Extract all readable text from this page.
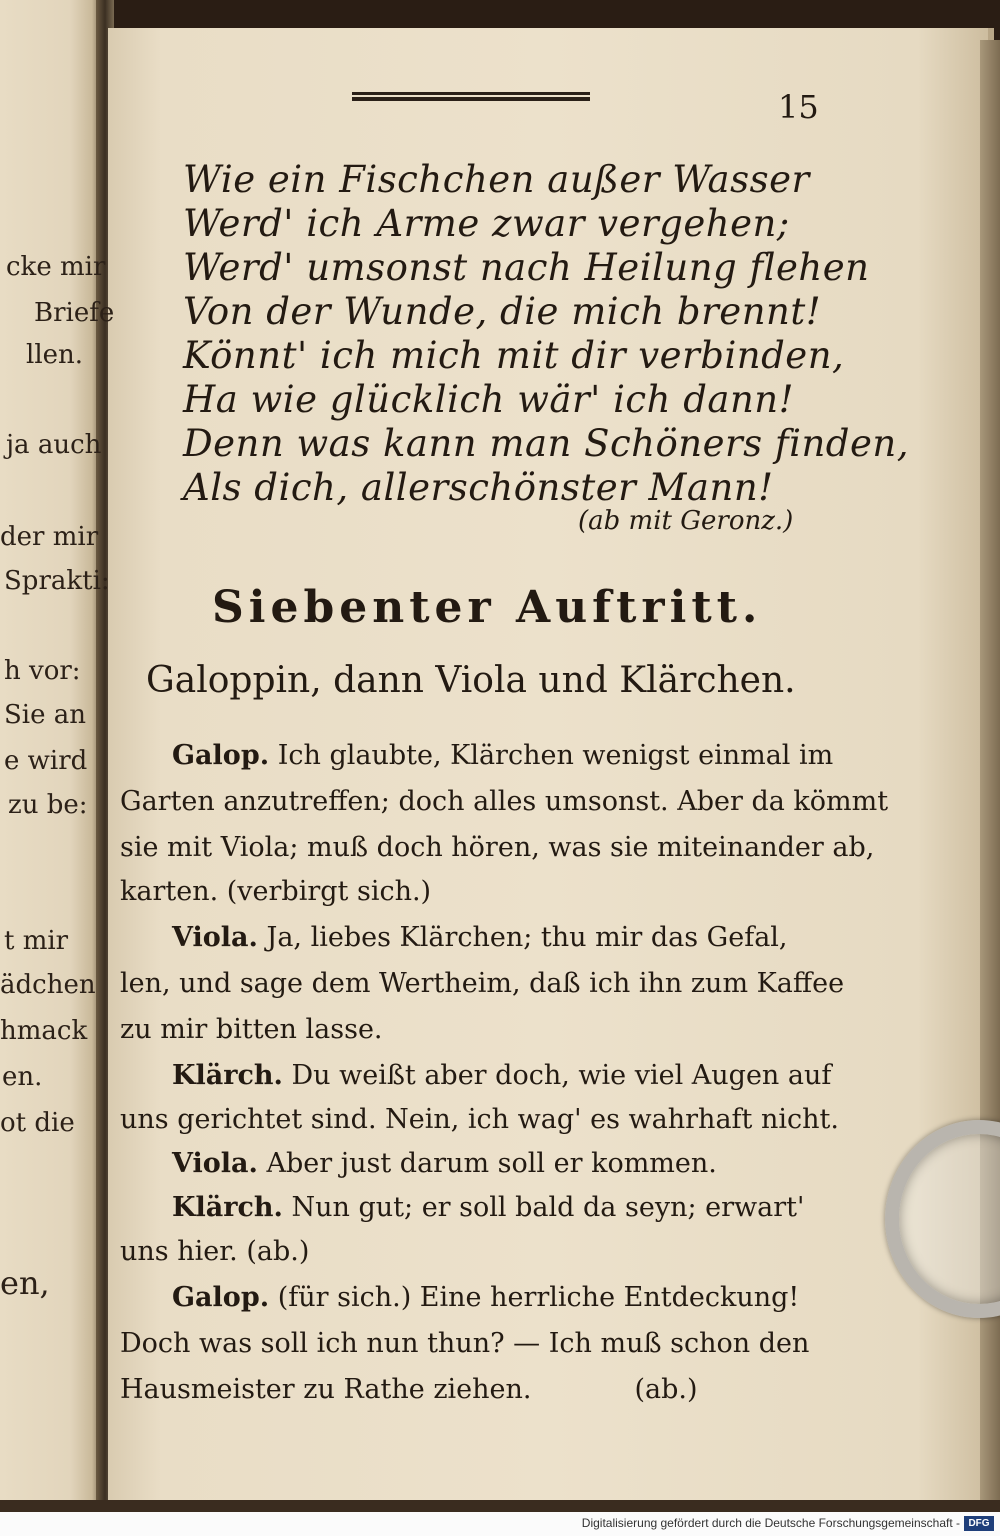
cke mir
Briefe
llen.
ja auch
der mir
Sprakti:
h vor:
Sie an
e wird
zu be:
t mir
ädchen
hmack
en.
ot die
en,
15
Wie ein Fischchen außer Wasser
Werd' ich Arme zwar vergehen;
Werd' umsonst nach Heilung flehen
Von der Wunde, die mich brennt!
Könnt' ich mich mit dir verbinden,
Ha wie glücklich wär' ich dann!
Denn was kann man Schöners finden,
Als dich, allerschönster Mann!
(ab mit Geronz.)
Siebenter Auftritt.
Galoppin, dann Viola und Klärchen.
Galop. Ich glaubte, Klärchen wenigst einmal im
Garten anzutreffen; doch alles umsonst. Aber da kömmt
sie mit Viola; muß doch hören, was sie miteinander ab,
karten. (verbirgt sich.)
Viola. Ja, liebes Klärchen; thu mir das Gefal,
len, und sage dem Wertheim, daß ich ihn zum Kaffee
zu mir bitten lasse.
Klärch. Du weißt aber doch, wie viel Augen auf
uns gerichtet sind. Nein, ich wag' es wahrhaft nicht.
Viola. Aber just darum soll er kommen.
Klärch. Nun gut; er soll bald da seyn; erwart'
uns hier. (ab.)
Galop. (für sich.) Eine herrliche Entdeckung!
Doch was soll ich nun thun? — Ich muß schon den
Hausmeister zu Rathe ziehen.            (ab.)
Digitalisierung gefördert durch die Deutsche Forschungsgemeinschaft - DFG
